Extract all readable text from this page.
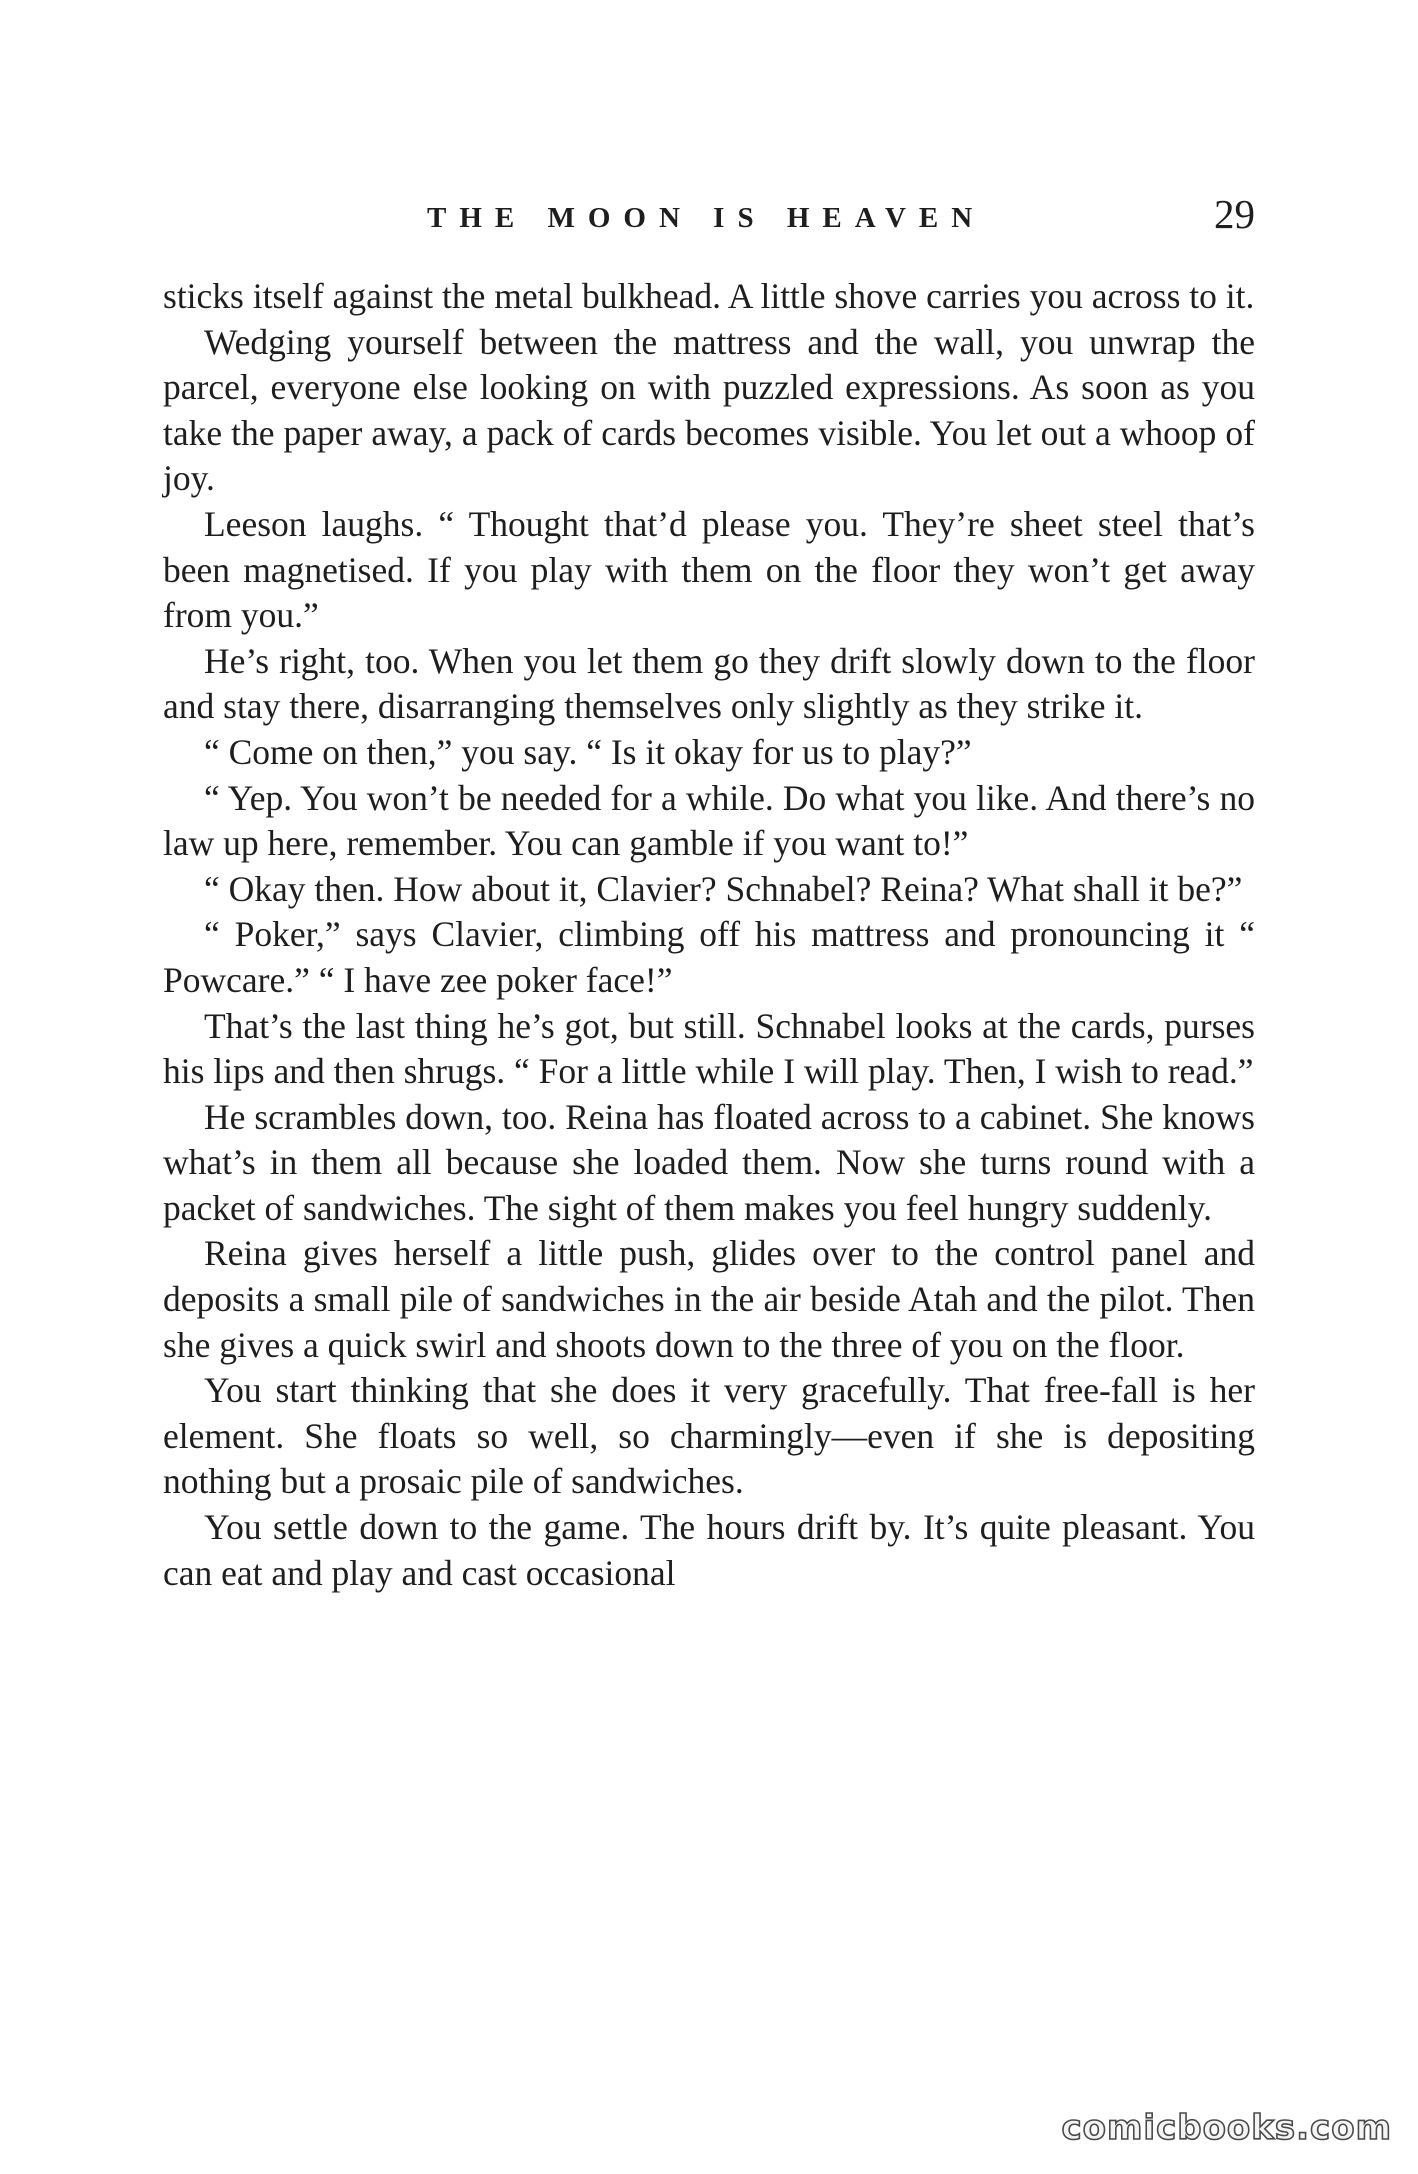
THE MOON IS HEAVEN	29

sticks itself against the metal bulkhead. A little shove carries you across to it.

Wedging yourself between the mattress and the wall, you unwrap the parcel, everyone else looking on with puzzled expressions. As soon as you take the paper away, a pack of cards becomes visible. You let out a whoop of joy.

Leeson laughs. “ Thought that’d please you. They’re sheet steel that’s been magnetised. If you play with them on the floor they won’t get away from you.”

He’s right, too. When you let them go they drift slowly down to the floor and stay there, disarranging themselves only slightly as they strike it.

“ Come on then,” you say. “ Is it okay for us to play?”

“ Yep. You won’t be needed for a while. Do what you like. And there’s no law up here, remember. You can gamble if you want to!”

“ Okay then. How about it, Clavier? Schnabel? Reina? What shall it be?”

“ Poker,” says Clavier, climbing off his mattress and pronouncing it “ Powcare.” “ I have zee poker face!”

That’s the last thing he’s got, but still. Schnabel looks at the cards, purses his lips and then shrugs. “ For a little while I will play. Then, I wish to read.”

He scrambles down, too. Reina has floated across to a cabinet. She knows what’s in them all because she loaded them. Now she turns round with a packet of sandwiches. The sight of them makes you feel hungry suddenly.

Reina gives herself a little push, glides over to the control panel and deposits a small pile of sandwiches in the air beside Atah and the pilot. Then she gives a quick swirl and shoots down to the three of you on the floor.

You start thinking that she does it very gracefully. That free-fall is her element. She floats so well, so charmingly—even if she is depositing nothing but a prosaic pile of sandwiches.

You settle down to the game. The hours drift by. It’s quite pleasant. You can eat and play and cast occasional

comicbooks.com
